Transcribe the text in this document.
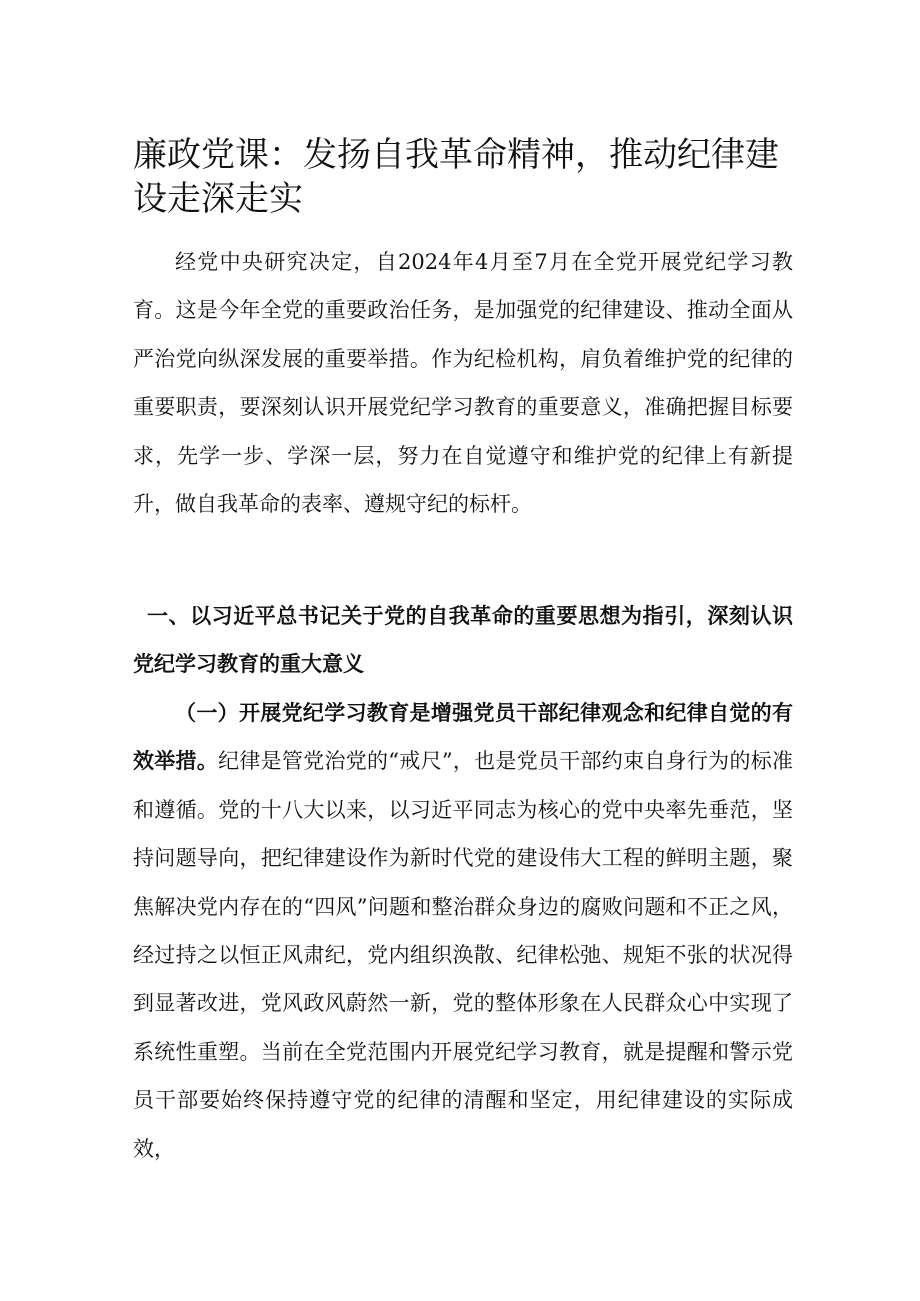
廉政党课：发扬自我革命精神，推动纪律建设走深走实

经党中央研究决定，自2024年4月至7月在全党开展党纪学习教育。这是今年全党的重要政治任务，是加强党的纪律建设、推动全面从严治党向纵深发展的重要举措。作为纪检机构，肩负着维护党的纪律的重要职责，要深刻认识开展党纪学习教育的重要意义，准确把握目标要求，先学一步、学深一层，努力在自觉遵守和维护党的纪律上有新提升，做自我革命的表率、遵规守纪的标杆。

一、以习近平总书记关于党的自我革命的重要思想为指引，深刻认识党纪学习教育的重大意义

（一）开展党纪学习教育是增强党员干部纪律观念和纪律自觉的有效举措。纪律是管党治党的“戒尺”，也是党员干部约束自身行为的标准和遵循。党的十八大以来，以习近平同志为核心的党中央率先垂范，坚持问题导向，把纪律建设作为新时代党的建设伟大工程的鲜明主题，聚焦解决党内存在的“四风”问题和整治群众身边的腐败问题和不正之风，经过持之以恒正风肃纪，党内组织涣散、纪律松弛、规矩不张的状况得到显著改进，党风政风蔚然一新，党的整体形象在人民群众心中实现了系统性重塑。当前在全党范围内开展党纪学习教育，就是提醒和警示党员干部要始终保持遵守党的纪律的清醒和坚定，用纪律建设的实际成效，
